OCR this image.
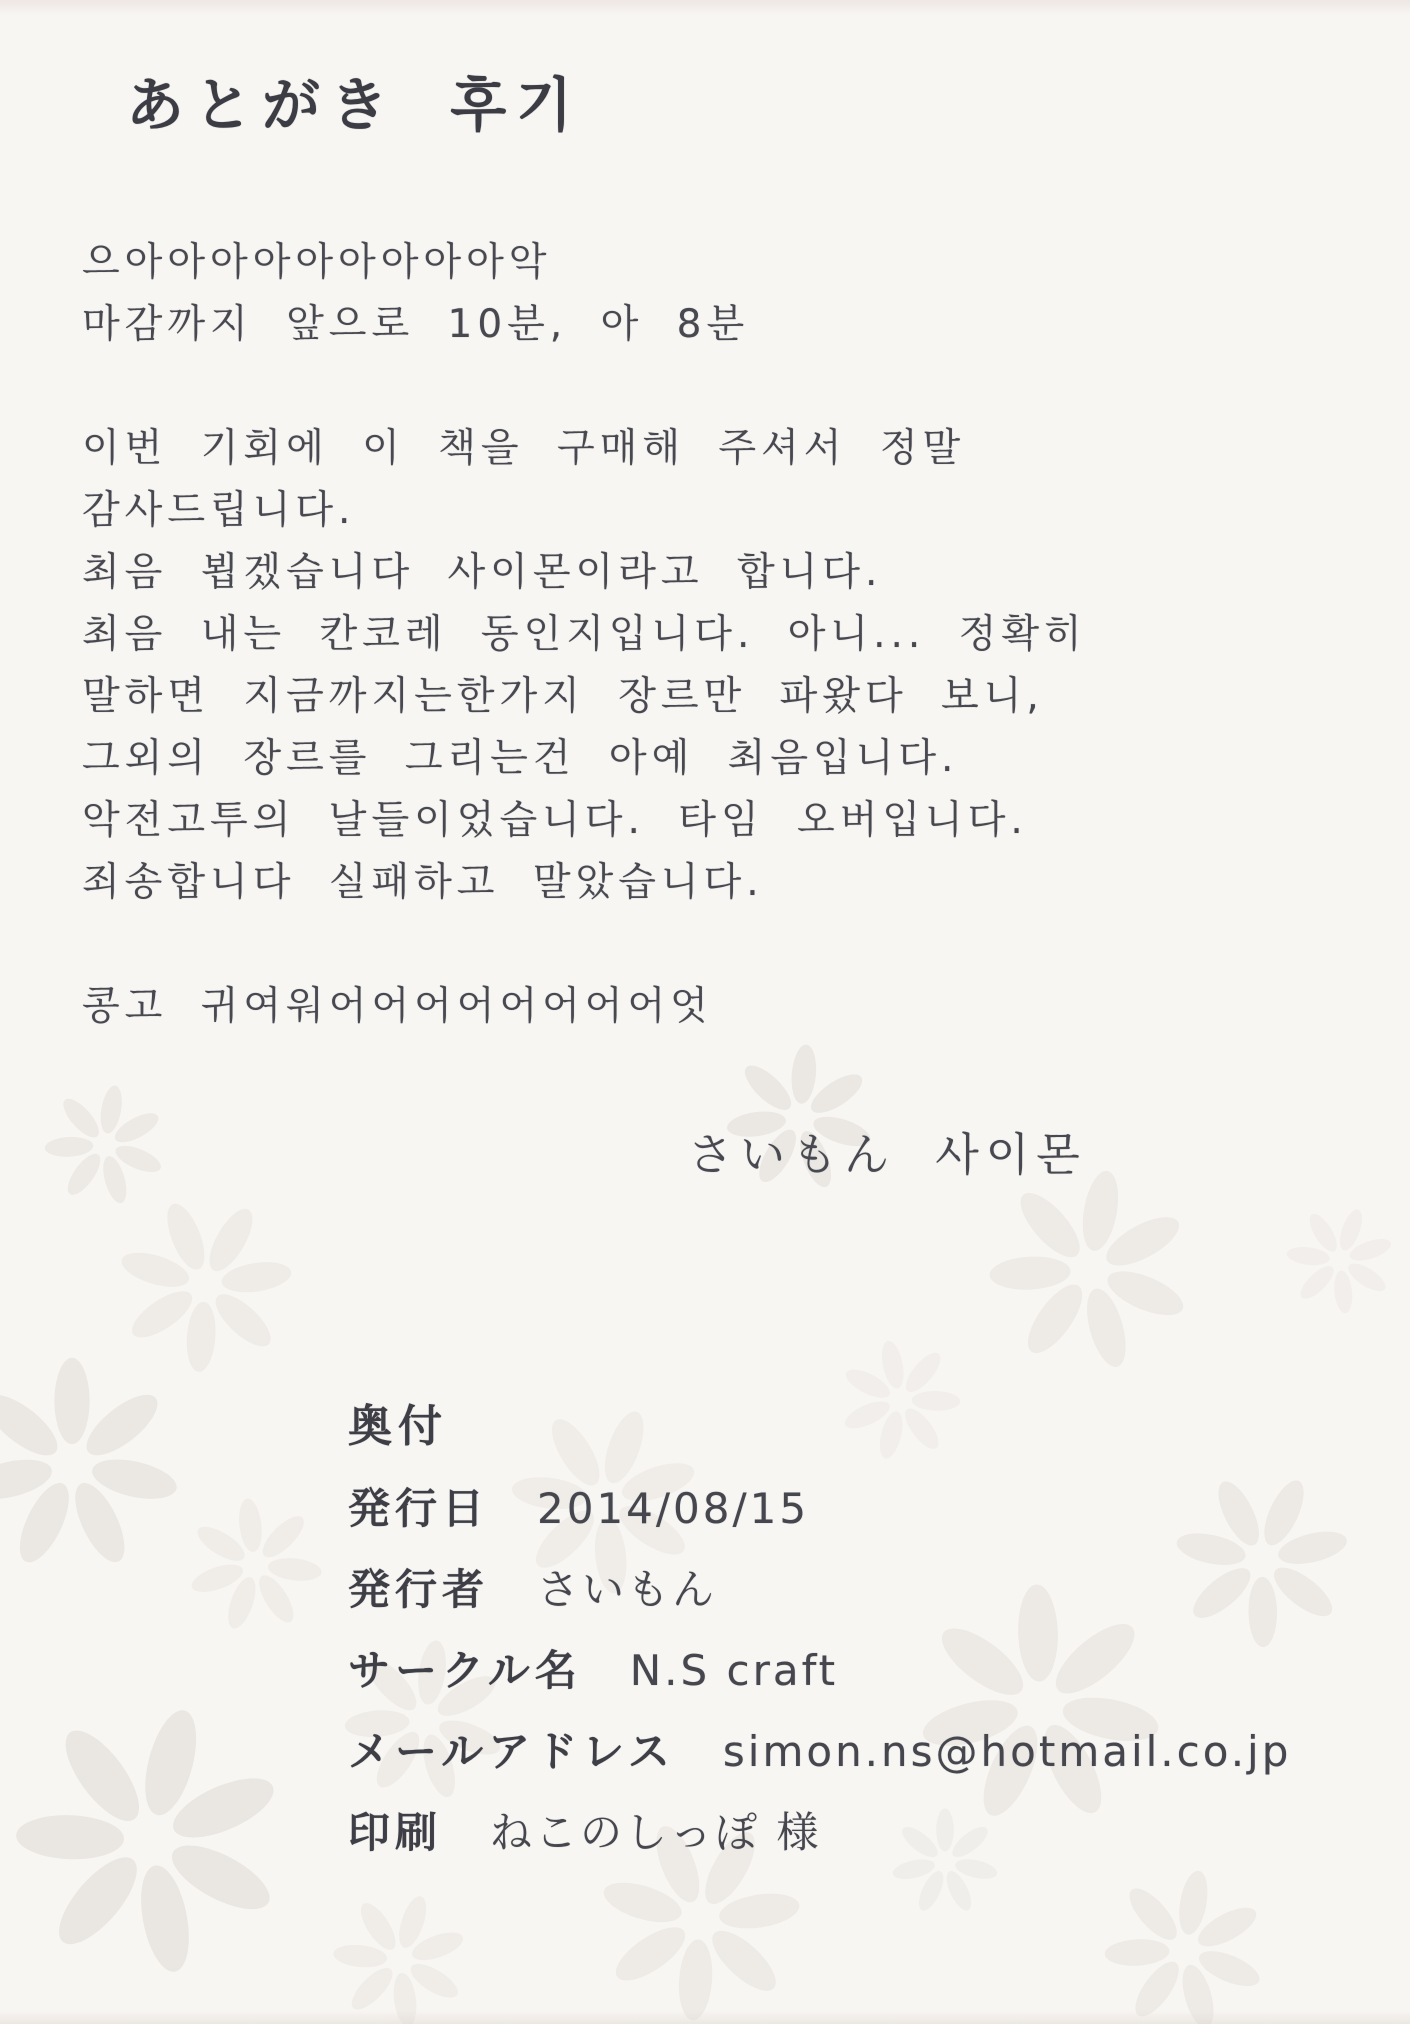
あとがき 후기
으아아아아아아아아아악
마감까지 앞으로 10분, 아 8분
이번 기회에 이 책을 구매해 주셔서 정말
감사드립니다.
최음 뵙겠습니다 사이몬이라고 합니다.
최음 내는 칸코레 동인지입니다. 아니... 정확히
말하면 지금까지는한가지 장르만 파왔다 보니,
그외의 장르를 그리는건 아예 최음입니다.
악전고투의 날들이었습니다. 타임 오버입니다.
죄송합니다 실패하고 말았습니다.
콩고 귀여워어어어어어어어어엇
さいもん 사이몬
奥付
発行日 2014/08/15
発行者 さいもん
サークル名 N.S craft
メールアドレス simon.ns@hotmail.co.jp
印刷 ねこのしっぽ 様
